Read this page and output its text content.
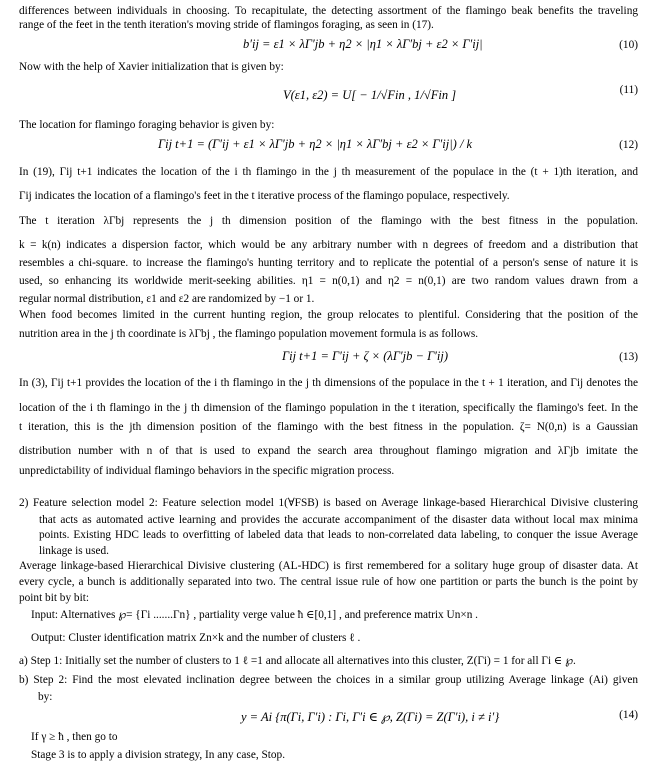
differences between individuals in choosing. To recapitulate, the detecting assortment of the flamingo beak benefits the traveling
range of the feet in the tenth iteration's moving stride of flamingos foraging, as seen in (17).
b′ij = ε1 × λΓ′jb + η2 × |η1 × λΓ′bj + ε2 × Γ′ij|	(10)
Now with the help of Xavier initialization that is given by:
V(ε1, ε2) = U[ − 1/√Fin , 1/√Fin ]	(11)
The location for flamingo foraging behavior is given by:
Γij t+1 = (Γ′ij + ε1 × λΓ′jb + η2 × |η1 × λΓ′bj + ε2 × Γ′ij|) / k	(12)
In (19), Γij t+1 indicates the location of the i th flamingo in the j th measurement of the populace in the (t + 1)th iteration, and
Γij indicates the location of a flamingo's feet in the t iterative process of the flamingo populace, respectively.
The t iteration λΓbj represents the j th dimension position of the flamingo with the best fitness in the population.
k = k(n) indicates a dispersion factor, which would be any arbitrary number with n degrees of freedom and a distribution that
resembles a chi-square. to increase the flamingo's hunting territory and to replicate the potential of a person's sense of nature it is
used, so enhancing its worldwide merit-seeking abilities. η1 = n(0,1) and η2 = n(0,1) are two random values drawn from a
regular normal distribution, ε1 and ε2 are randomized by −1 or 1.
When food becomes limited in the current hunting region, the group relocates to plentiful. Considering that the position of the
nutrition area in the j th coordinate is λΓbj , the flamingo population movement formula is as follows.
Γij t+1 = Γ′ij + ζ × (λΓ′jb − Γ′ij)	(13)
In (3), Γij t+1 provides the location of the i th flamingo in the j th dimensions of the populace in the t + 1 iteration, and Γij denotes the
location of the i th flamingo in the j th dimension of the flamingo population in the t iteration, specifically the flamingo's feet. In the
t iteration, this is the jth dimension position of the flamingo with the best fitness in the population. ζ= N(0,n) is a Gaussian
distribution number with n of that is used to expand the search area throughout flamingo migration and λΓjb imitate the
unpredictability of individual flamingo behaviors in the specific migration process.
2) Feature selection model 2: Feature selection model 1(∀FSB) is based on Average linkage-based Hierarchical Divisive clustering
that acts as automated active learning and provides the accurate accompaniment of the disaster data without local max minima
points. Existing HDC leads to overfitting of labeled data that leads to non-correlated data labeling, to conquer the issue Average
linkage is used.
Average linkage-based Hierarchical Divisive clustering (AL-HDC) is first remembered for a solitary huge group of disaster data. At
every cycle, a bunch is additionally separated into two. The central issue rule of how one partition or parts the bunch is the point by
point bit by bit:
Input: Alternatives ℘= {Γi .......Γn} , partiality verge value ħ ∈[0,1] , and preference matrix Un×n .
Output: Cluster identification matrix Zn×k and the number of clusters ℓ .
a) Step 1: Initially set the number of clusters to 1 ℓ =1 and allocate all alternatives into this cluster, Z(Γi) = 1 for all Γi ∈ ℘.
b) Step 2: Find the most elevated inclination degree between the choices in a similar group utilizing Average linkage (Ai) given
by:
y = Ai {π(Γi, Γ′i) : Γi, Γ′i ∈ ℘, Z(Γi) = Z(Γ′i), i ≠ i′}	(14)
If γ ≥ ħ , then go to
Stage 3 is to apply a division strategy, In any case, Stop.
